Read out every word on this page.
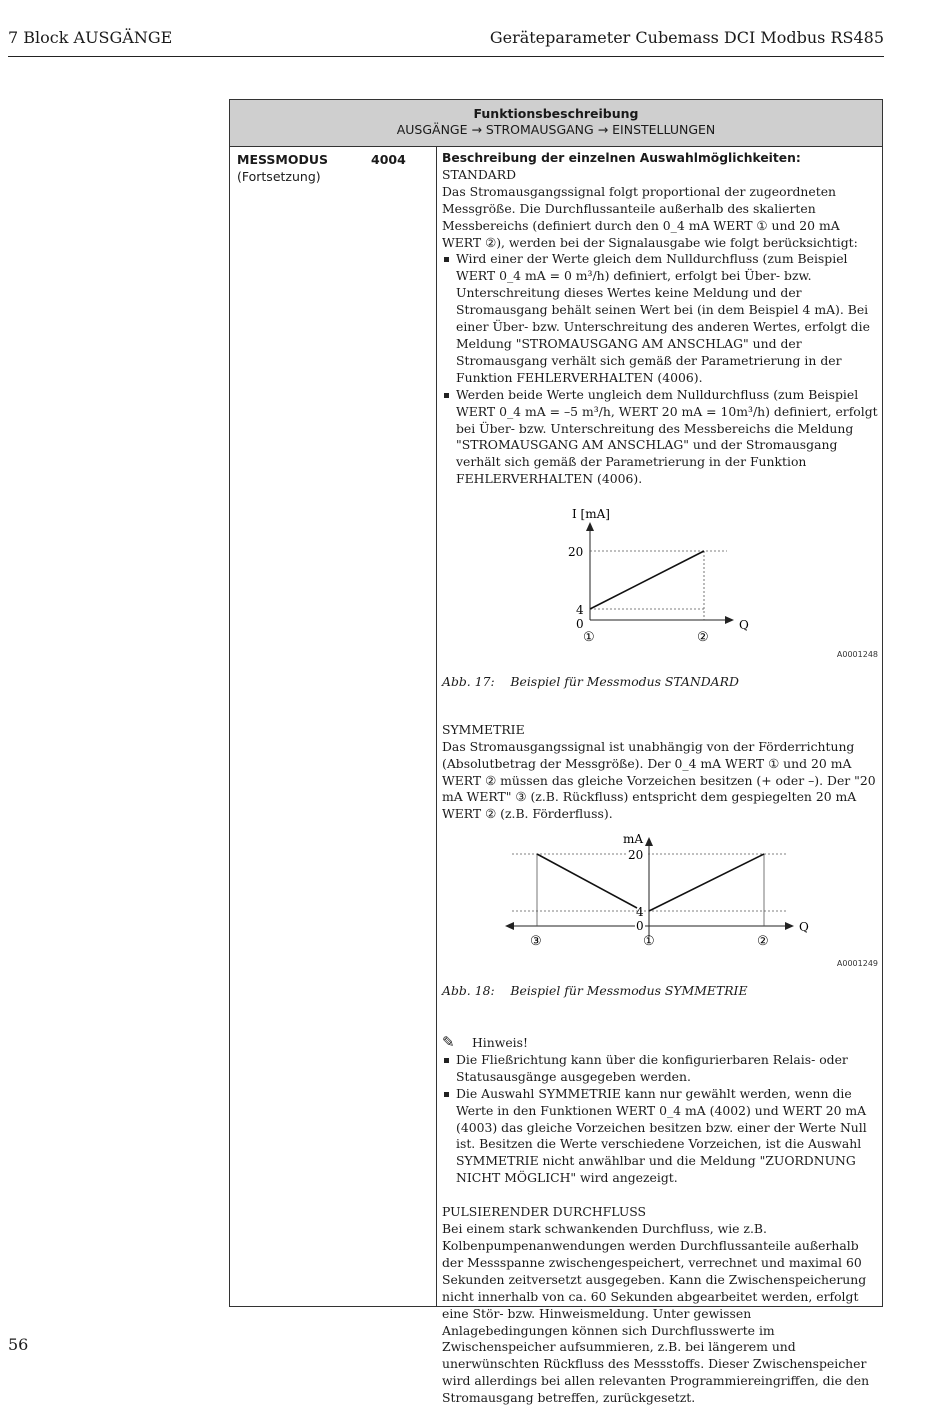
7 Block AUSGÄNGE	Geräteparameter Cubemass DCI Modbus RS485
Funktionsbeschreibung
AUSGÄNGE → STROMAUSGANG → EINSTELLUNGEN
MESSMODUS	4004
(Fortsetzung)

Beschreibung der einzelnen Auswahlmöglichkeiten:

STANDARD

Das Stromausgangssignal folgt proportional der zugeordneten Messgröße. Die Durchflussanteile außerhalb des skalierten Messbereichs (definiert durch den 0_4 mA WERT ① und 20 mA WERT ②), werden bei der Signalausgabe wie folgt berücksichtigt:

Wird einer der Werte gleich dem Nulldurchfluss (zum Beispiel WERT 0_4 mA = 0 m³/h) definiert, erfolgt bei Über- bzw. Unterschreitung dieses Wertes keine Meldung und der Stromausgang behält seinen Wert bei (in dem Beispiel 4 mA). Bei einer Über- bzw. Unterschreitung des anderen Wertes, erfolgt die Meldung "STROMAUSGANG AM ANSCHLAG" und der Stromausgang verhält sich gemäß der Parametrierung in der Funktion FEHLERVERHALTEN (4006).

Werden beide Werte ungleich dem Nulldurchfluss (zum Beispiel WERT 0_4 mA = –5 m³/h, WERT 20 mA = 10m³/h) definiert, erfolgt bei Über- bzw. Unterschreitung des Messbereichs die Meldung "STROMAUSGANG AM ANSCHLAG" und der Stromausgang verhält sich gemäß der Parametrierung in der Funktion FEHLERVERHALTEN (4006).

I [mA]
Q
20
4
0
①	②
A0001248

Abb. 17: Beispiel für Messmodus STANDARD

SYMMETRIE

Das Stromausgangssignal ist unabhängig von der Förderrichtung (Absolutbetrag der Messgröße). Der 0_4 mA WERT ① und 20 mA WERT ② müssen das gleiche Vorzeichen besitzen (+ oder –). Der "20 mA WERT" ③ (z.B. Rückfluss) entspricht dem gespiegelten 20 mA WERT ② (z.B. Förderfluss).

mA
Q
20
4
0
③	①	②
A0001249

Abb. 18: Beispiel für Messmodus SYMMETRIE

✎ Hinweis!

Die Fließrichtung kann über die konfigurierbaren Relais- oder Statusausgänge ausgegeben werden.

Die Auswahl SYMMETRIE kann nur gewählt werden, wenn die Werte in den Funktionen WERT 0_4 mA (4002) und WERT 20 mA (4003) das gleiche Vorzeichen besitzen bzw. einer der Werte Null ist. Besitzen die Werte verschiedene Vorzeichen, ist die Auswahl SYMMETRIE nicht anwählbar und die Meldung "ZUORDNUNG NICHT MÖGLICH" wird angezeigt.

PULSIERENDER DURCHFLUSS

Bei einem stark schwankenden Durchfluss, wie z.B. Kolbenpumpenanwendungen werden Durchflussanteile außerhalb der Messspanne zwischengespeichert, verrechnet und maximal 60 Sekunden zeitversetzt ausgegeben. Kann die Zwischenspeicherung nicht innerhalb von ca. 60 Sekunden abgearbeitet werden, erfolgt eine Stör- bzw. Hinweismeldung. Unter gewissen Anlagebedingungen können sich Durchflusswerte im Zwischenspeicher aufsummieren, z.B. bei längerem und unerwünschten Rückfluss des Messstoffs. Dieser Zwischenspeicher wird allerdings bei allen relevanten Programmiereingriffen, die den Stromausgang betreffen, zurückgesetzt.

56
